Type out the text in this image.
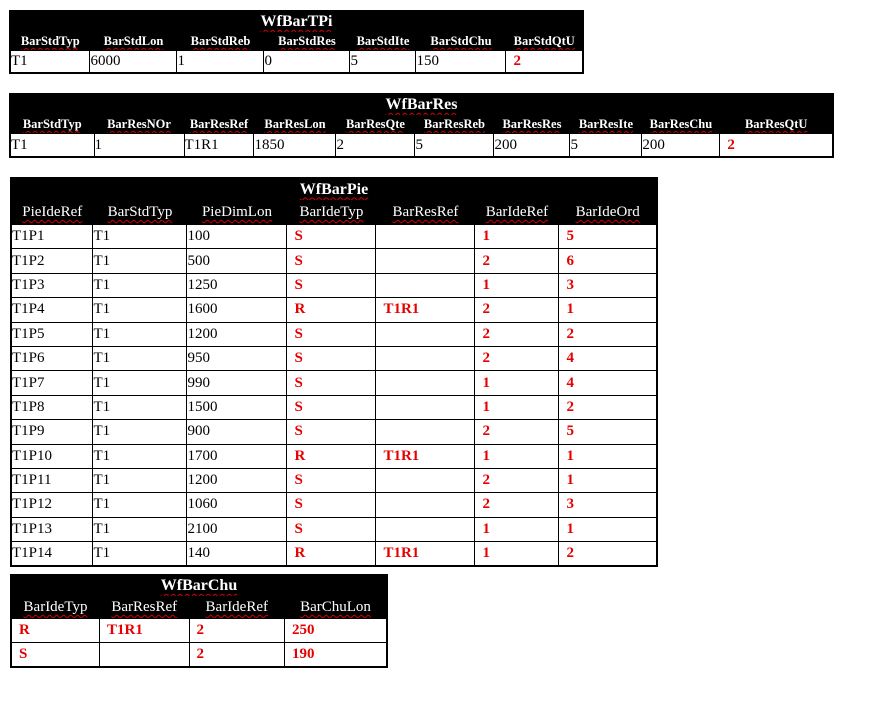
WfBarTPi						
BarStdTyp	BarStdLon	BarStdReb	BarStdRes	BarStdIte	BarStdChu	BarStdQtU
T1	6000	1	0	5	150	2
WfBarRes									
BarStdTyp	BarResNOr	BarResRef	BarResLon	BarResQte	BarResReb	BarResRes	BarResIte	BarResChu	BarResQtU
T1	1	T1R1	1850	2	5	200	5	200	2
WfBarPie						
PieIdeRef	BarStdTyp	PieDimLon	BarIdeTyp	BarResRef	BarIdeRef	BarIdeOrd
T1P1	T1	100	S		1	5
T1P2	T1	500	S		2	6
T1P3	T1	1250	S		1	3
T1P4	T1	1600	R	T1R1	2	1
T1P5	T1	1200	S		2	2
T1P6	T1	950	S		2	4
T1P7	T1	990	S		1	4
T1P8	T1	1500	S		1	2
T1P9	T1	900	S		2	5
T1P10	T1	1700	R	T1R1	1	1
T1P11	T1	1200	S		2	1
T1P12	T1	1060	S		2	3
T1P13	T1	2100	S		1	1
T1P14	T1	140	R	T1R1	1	2
WfBarChu			
BarIdeTyp	BarResRef	BarIdeRef	BarChuLon
R	T1R1	2	250
S		2	190
